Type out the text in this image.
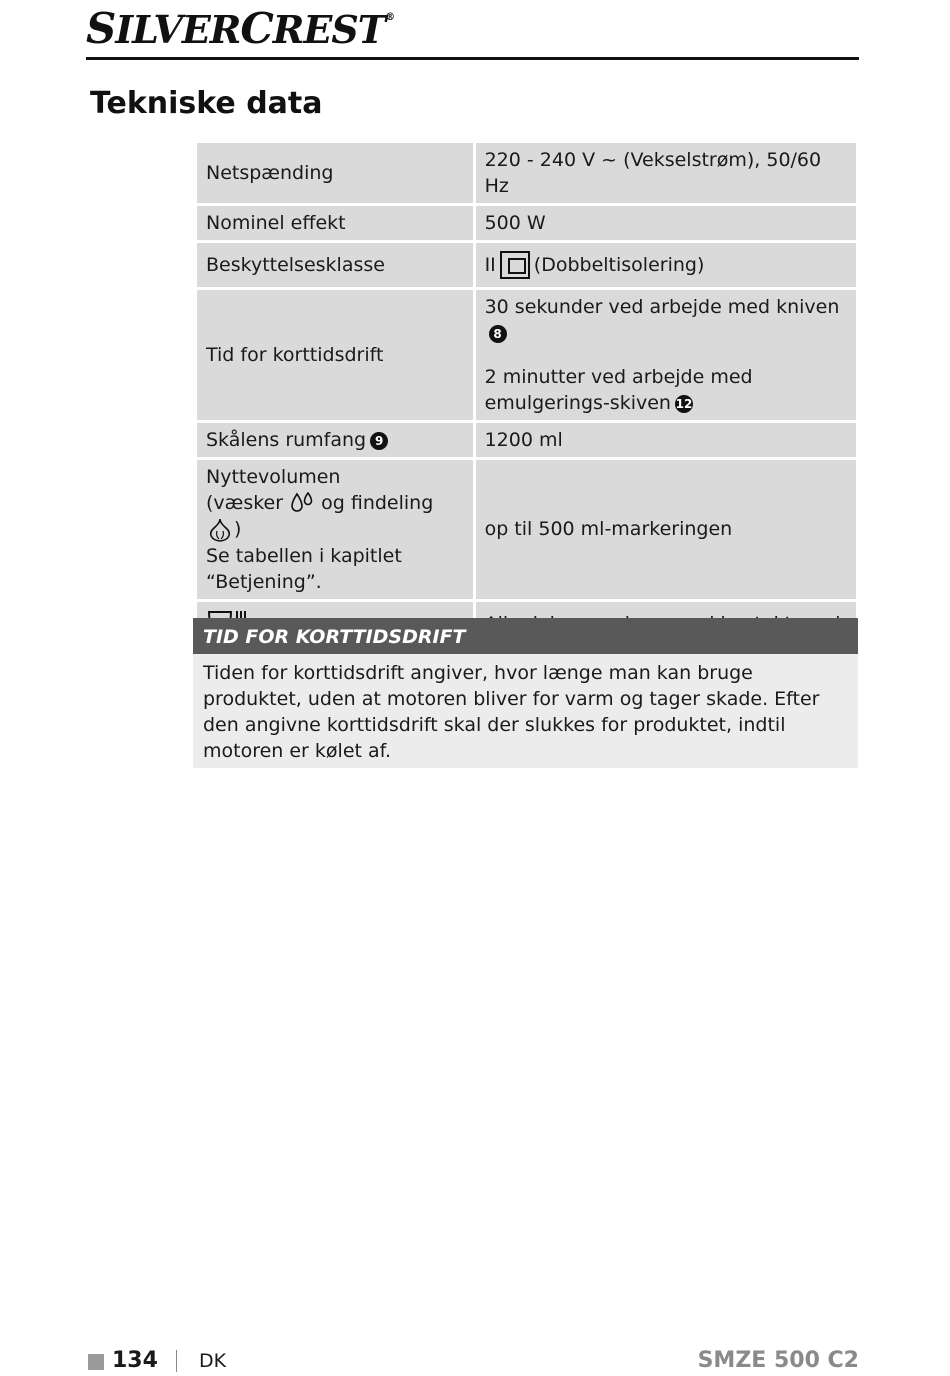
SILVERCREST®
Tekniske data
Netspænding	220 - 240 V ~ (Vekselstrøm), 50/60 Hz
Nominel effekt	500 W
Beskyttelsesklasse	II (Dobbeltisolering)

Tid for korttidsdrift	30 sekunder ved arbejde med kniven8
2 minutter ved arbejde med emulgerings-skiven 12

Skålens rumfang 9	1200 ml

Nyttevolumen
(væsker og findeling )
Se tabellen i kapitlet
“Betjening”.	op til 500 ml-markeringen

TID FOR KORTTIDSDRIFT
Tiden for korttidsdrift angiver, hvor længe man kan bruge produktet, uden at motoren bliver for varm og tager skade. Efter den angivne korttidsdrift skal der slukkes for produktet, indtil motoren er kølet af.
134 DK	SMZE 500 C2
